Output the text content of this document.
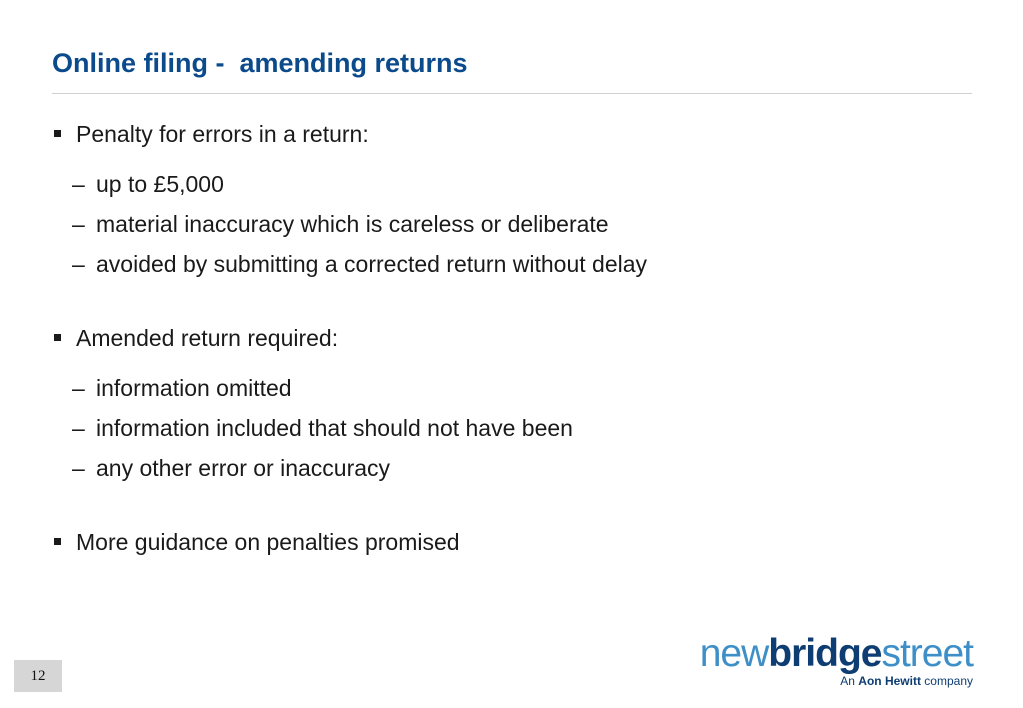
Online filing -  amending returns
Penalty for errors in a return:
– up to £5,000
– material inaccuracy which is careless or deliberate
– avoided by submitting a corrected return without delay
Amended return required:
– information omitted
– information included that should not have been
– any other error or inaccuracy
More guidance on penalties promised
12
newbridgestreet
An Aon Hewitt company
